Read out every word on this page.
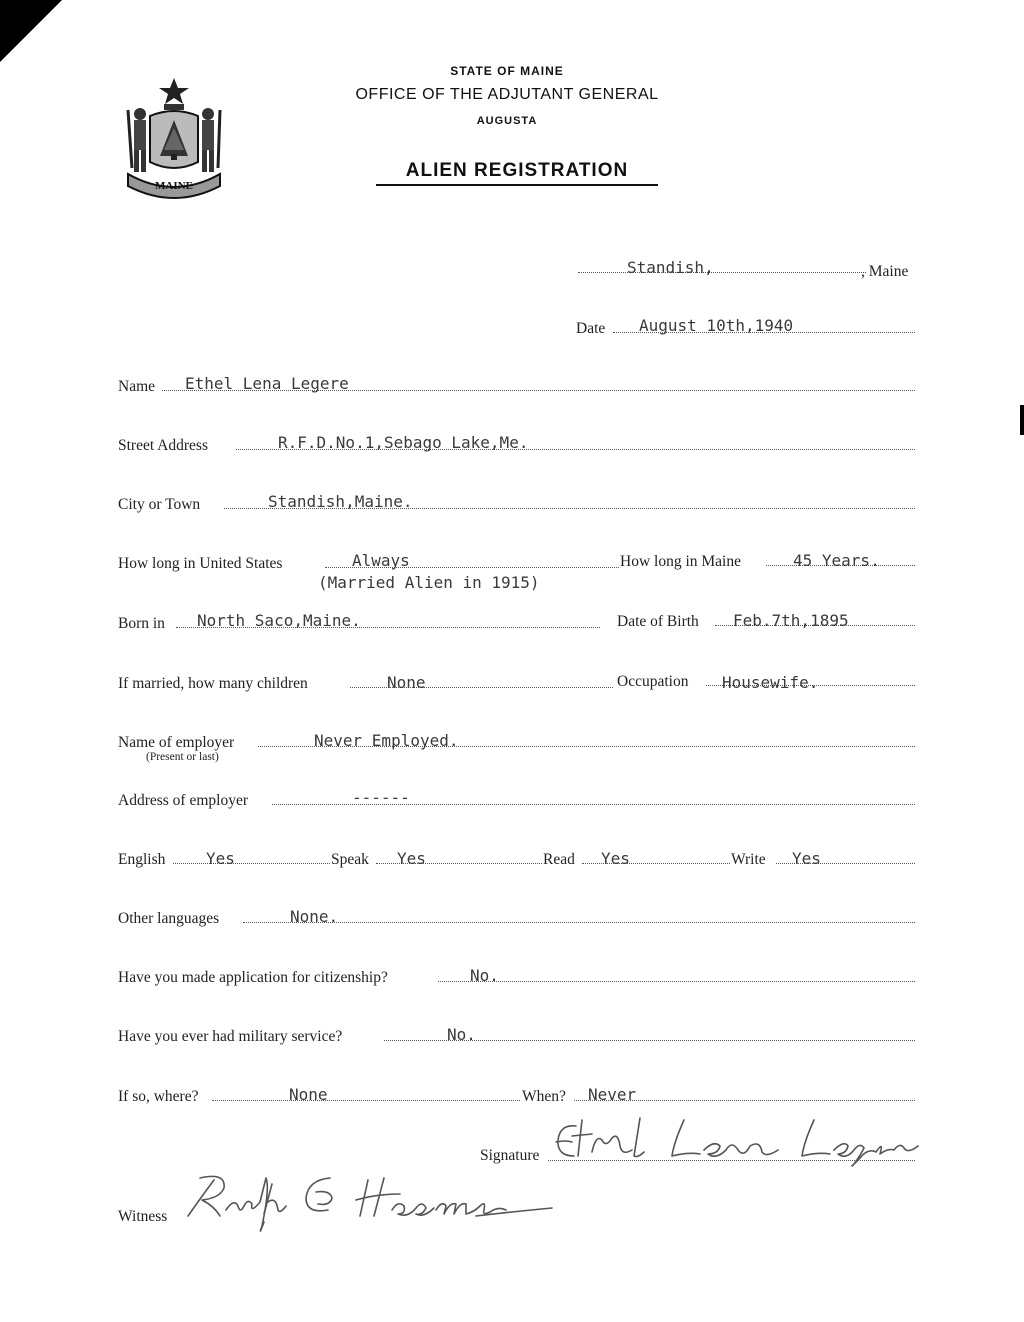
MAINE
STATE OF MAINE
OFFICE OF THE ADJUTANT GENERAL
AUGUSTA
ALIEN REGISTRATION
Standish,	, Maine
Date August 10th,1940
Name Ethel Lena Legere
Street Address	R.F.D.No.1,Sebago Lake,Me.
City or Town	Standish,Maine.
How long in United States	Always
(Married Alien in 1915)
How long in Maine	45 Years.
Born in North Saco,Maine.	Date of Birth Feb.7th,1895
If married, how many children	None	Occupation Housewife.
Name of employer
(Present or last)
Never Employed.
Address of employer	------
English	Yes	Speak Yes	Read Yes	Write Yes
Other languages	None.
Have you made application for citizenship?	No.
Have you ever had military service?	No.
If so, where?	None	When? Never
Signature
Witness
